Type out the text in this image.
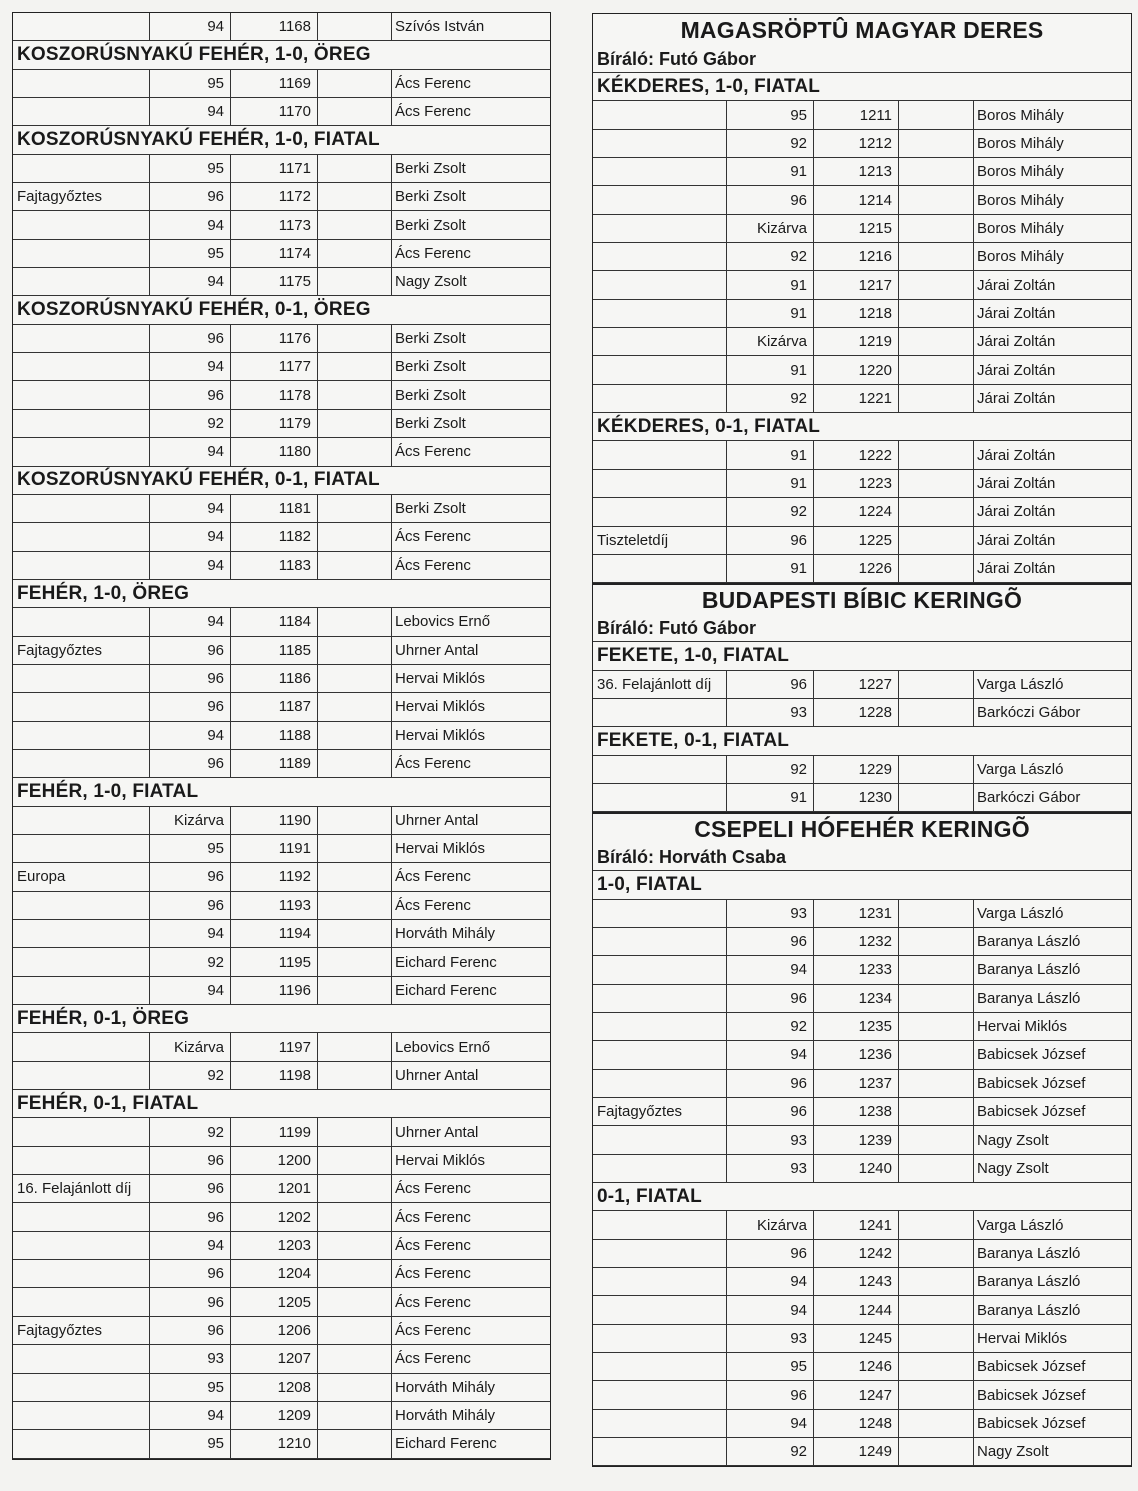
94	1168	Szívós István
KOSZORÚSNYAKÚ FEHÉR, 1-0, ÖREG
95	1169	Ács Ferenc
94	1170	Ács Ferenc
KOSZORÚSNYAKÚ FEHÉR, 1-0, FIATAL
95	1171	Berki Zsolt
Fajtagyőztes	96	1172	Berki Zsolt
94	1173	Berki Zsolt
95	1174	Ács Ferenc
94	1175	Nagy Zsolt
KOSZORÚSNYAKÚ FEHÉR, 0-1, ÖREG
96	1176	Berki Zsolt
94	1177	Berki Zsolt
96	1178	Berki Zsolt
92	1179	Berki Zsolt
94	1180	Ács Ferenc
KOSZORÚSNYAKÚ FEHÉR, 0-1, FIATAL
94	1181	Berki Zsolt
94	1182	Ács Ferenc
94	1183	Ács Ferenc
FEHÉR, 1-0, ÖREG
94	1184	Lebovics Ernő
Fajtagyőztes	96	1185	Uhrner Antal
96	1186	Hervai Miklós
96	1187	Hervai Miklós
94	1188	Hervai Miklós
96	1189	Ács Ferenc
FEHÉR, 1-0, FIATAL
Kizárva	1190	Uhrner Antal
95	1191	Hervai Miklós
Europa	96	1192	Ács Ferenc
96	1193	Ács Ferenc
94	1194	Horváth Mihály
92	1195	Eichard Ferenc
94	1196	Eichard Ferenc
FEHÉR, 0-1, ÖREG
Kizárva	1197	Lebovics Ernő
92	1198	Uhrner Antal
FEHÉR, 0-1, FIATAL
92	1199	Uhrner Antal
96	1200	Hervai Miklós
16. Felajánlott díj	96	1201	Ács Ferenc
96	1202	Ács Ferenc
94	1203	Ács Ferenc
96	1204	Ács Ferenc
96	1205	Ács Ferenc
Fajtagyőztes	96	1206	Ács Ferenc
93	1207	Ács Ferenc
95	1208	Horváth Mihály
94	1209	Horváth Mihály
95	1210	Eichard Ferenc
MAGASRÖPTÛ MAGYAR DERES
Bíráló: Futó Gábor
KÉKDERES, 1-0, FIATAL
95	1211	Boros Mihály
92	1212	Boros Mihály
91	1213	Boros Mihály
96	1214	Boros Mihály
Kizárva	1215	Boros Mihály
92	1216	Boros Mihály
91	1217	Járai Zoltán
91	1218	Járai Zoltán
Kizárva	1219	Járai Zoltán
91	1220	Járai Zoltán
92	1221	Járai Zoltán
KÉKDERES, 0-1, FIATAL
91	1222	Járai Zoltán
91	1223	Járai Zoltán
92	1224	Járai Zoltán
Tiszteletdíj	96	1225	Járai Zoltán
91	1226	Járai Zoltán
BUDAPESTI BÍBIC KERINGÕ
Bíráló: Futó Gábor
FEKETE, 1-0, FIATAL
36. Felajánlott díj	96	1227	Varga László
93	1228	Barkóczi Gábor
FEKETE, 0-1, FIATAL
92	1229	Varga László
91	1230	Barkóczi Gábor
CSEPELI HÓFEHÉR KERINGÕ
Bíráló: Horváth Csaba
1-0, FIATAL
93	1231	Varga László
96	1232	Baranya László
94	1233	Baranya László
96	1234	Baranya László
92	1235	Hervai Miklós
94	1236	Babicsek József
96	1237	Babicsek József
Fajtagyőztes	96	1238	Babicsek József
93	1239	Nagy Zsolt
93	1240	Nagy Zsolt
0-1, FIATAL
Kizárva	1241	Varga László
96	1242	Baranya László
94	1243	Baranya László
94	1244	Baranya László
93	1245	Hervai Miklós
95	1246	Babicsek József
96	1247	Babicsek József
94	1248	Babicsek József
92	1249	Nagy Zsolt
